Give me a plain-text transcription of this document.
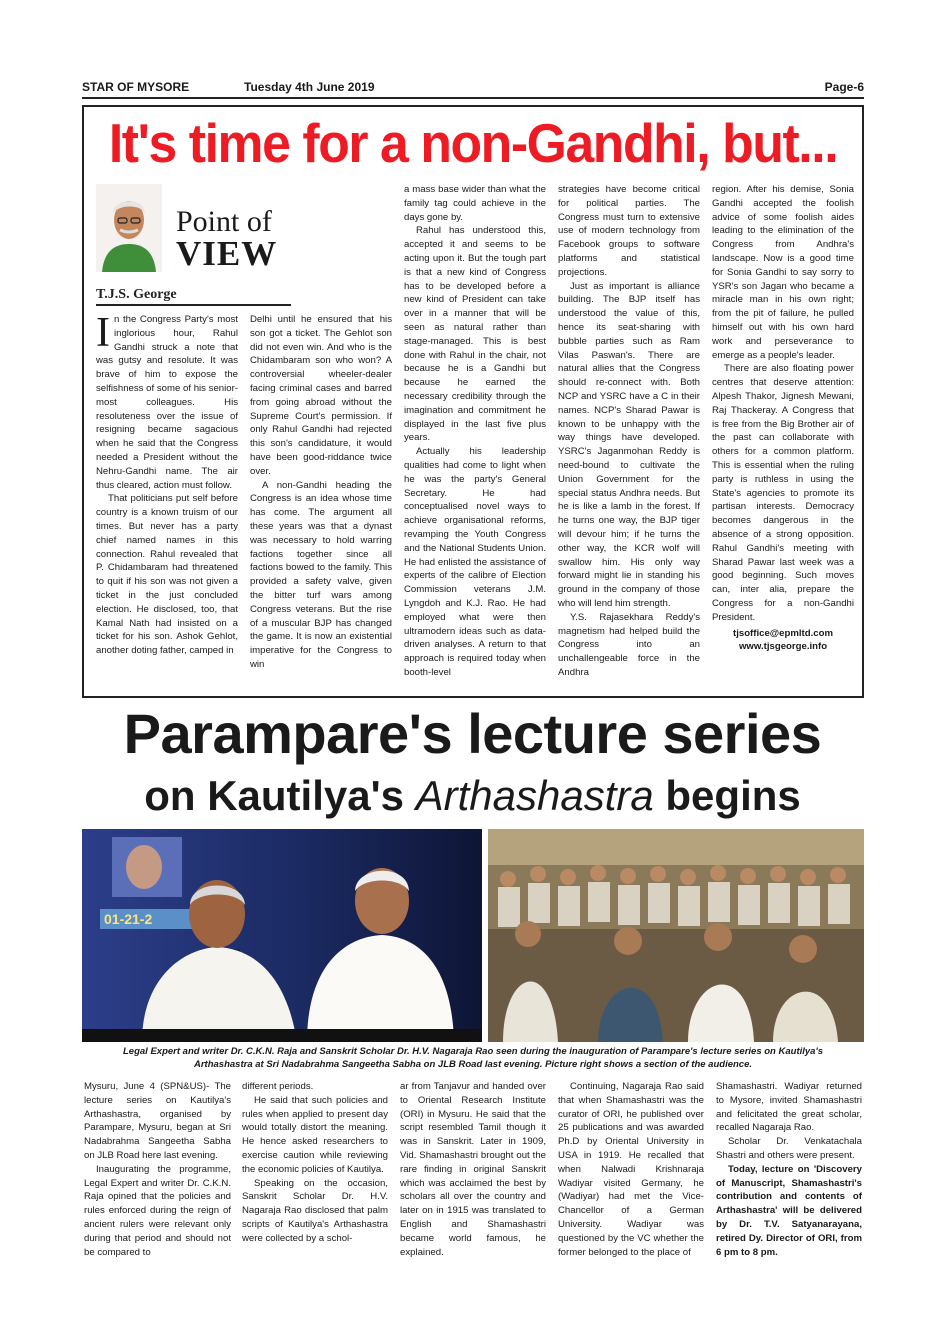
STAR OF MYSORE	Tuesday 4th June 2019	Page-6
It's time for a non-Gandhi, but...
Point of
VIEW
T.J.S. George

In the Congress Party's most inglorious hour, Rahul Gandhi struck a note that was gutsy and resolute. It was brave of him to expose the selfishness of some of his senior-most colleagues. His resoluteness over the issue of resigning became sagacious when he said that the Congress needed a President without the Nehru-Gandhi name. The air thus cleared, action must follow.

That politicians put self before country is a known truism of our times. But never has a party chief named names in this connection. Rahul revealed that P. Chidambaram had threatened to quit if his son was not given a ticket in the just concluded election. He disclosed, too, that Kamal Nath had insisted on a ticket for his son. Ashok Gehlot, another doting father, camped in

Delhi until he ensured that his son got a ticket. The Gehlot son did not even win. And who is the Chidambaram son who won? A controversial wheeler-dealer facing criminal cases and barred from going abroad without the Supreme Court's permission. If only Rahul Gandhi had rejected this son's candidature, it would have been good-riddance twice over.

A non-Gandhi heading the Congress is an idea whose time has come. The argument all these years was that a dynast was necessary to hold warring factions together since all factions bowed to the family. This provided a safety valve, given the bitter turf wars among Congress veterans. But the rise of a muscular BJP has changed the game. It is now an existential imperative for the Congress to win

a mass base wider than what the family tag could achieve in the days gone by.

Rahul has understood this, accepted it and seems to be acting upon it. But the tough part is that a new kind of Congress has to be developed before a new kind of President can take over in a manner that will be seen as natural rather than stage-managed. This is best done with Rahul in the chair, not because he is a Gandhi but because he earned the necessary credibility through the imagination and commitment he displayed in the last five plus years.

Actually his leadership qualities had come to light when he was the party's General Secretary. He had conceptualised novel ways to achieve organisational reforms, revamping the Youth Congress and the National Students Union. He had enlisted the assistance of experts of the calibre of Election Commission veterans J.M. Lyngdoh and K.J. Rao. He had employed what were then ultramodern ideas such as data-driven analyses. A return to that approach is required today when booth-level

strategies have become critical for political parties. The Congress must turn to extensive use of modern technology from Facebook groups to software platforms and statistical projections.

Just as important is alliance building. The BJP itself has understood the value of this, hence its seat-sharing with bubble parties such as Ram Vilas Paswan's. There are natural allies that the Congress should re-connect with. Both NCP and YSRC have a C in their names. NCP's Sharad Pawar is known to be unhappy with the way things have developed. YSRC's Jaganmohan Reddy is need-bound to cultivate the Union Government for the special status Andhra needs. But he is like a lamb in the forest. If he turns one way, the BJP tiger will devour him; if he turns the other way, the KCR wolf will swallow him. His only way forward might lie in standing his ground in the company of those who will lend him strength.

Y.S. Rajasekhara Reddy's magnetism had helped build the Congress into an unchallengeable force in the Andhra

region. After his demise, Sonia Gandhi accepted the foolish advice of some foolish aides leading to the elimination of the Congress from Andhra's landscape. Now is a good time for Sonia Gandhi to say sorry to YSR's son Jagan who became a miracle man in his own right; from the pit of failure, he pulled himself out with his own hard work and perseverance to emerge as a people's leader.

There are also floating power centres that deserve attention: Alpesh Thakor, Jignesh Mewani, Raj Thackeray. A Congress that is free from the Big Brother air of the past can collaborate with others for a common platform. This is essential when the ruling party is ruthless in using the State's agencies to promote its partisan interests. Democracy becomes dangerous in the absence of a strong opposition. Rahul Gandhi's meeting with Sharad Pawar last week was a good beginning. Such moves can, inter alia, prepare the Congress for a non-Gandhi President.

tjsoffice@epmltd.com
www.tjsgeorge.info
Parampare's lecture series
on Kautilya's Arthashastra begins
01-21-2
Legal Expert and writer Dr. C.K.N. Raja and Sanskrit Scholar Dr. H.V. Nagaraja Rao seen during the inauguration of Parampare's lecture series on Kautilya's
Arthashastra at Sri Nadabrahma Sangeetha Sabha on JLB Road last evening. Picture right shows a section of the audience.

Mysuru, June 4 (SPN&US)- The lecture series on Kautilya's Arthashastra, organised by Parampare, Mysuru, began at Sri Nadabrahma Sangeetha Sabha on JLB Road here last evening.

Inaugurating the programme, Legal Expert and writer Dr. C.K.N. Raja opined that the policies and rules enforced during the reign of ancient rulers were relevant only during that period and should not be compared to

different periods.

He said that such policies and rules when applied to present day would totally distort the meaning. He hence asked researchers to exercise caution while reviewing the economic policies of Kautilya.

Speaking on the occasion, Sanskrit Scholar Dr. H.V. Nagaraja Rao disclosed that palm scripts of Kautilya's Arthashastra were collected by a schol-

ar from Tanjavur and handed over to Oriental Research Institute (ORI) in Mysuru. He said that the script resembled Tamil though it was in Sanskrit. Later in 1909, Vid. Shamashastri brought out the rare finding in original Sanskrit which was acclaimed the best by scholars all over the country and later on in 1915 was translated to English and Shamashastri became world famous, he explained.

Continuing, Nagaraja Rao said that when Shamashastri was the curator of ORI, he published over 25 publications and was awarded Ph.D by Oriental University in USA in 1919. He recalled that when Nalwadi Krishnaraja Wadiyar visited Germany, he (Wadiyar) had met the Vice-Chancellor of a German University. Wadiyar was questioned by the VC whether the former belonged to the place of

Shamashastri. Wadiyar returned to Mysore, invited Shamashastri and felicitated the great scholar, recalled Nagaraja Rao.

Scholar Dr. Venkatachala Shastri and others were present.

Today, lecture on 'Discovery of Manuscript, Shamashastri's contribution and contents of Arthashastra' will be delivered by Dr. T.V. Satyanarayana, retired Dy. Director of ORI, from 6 pm to 8 pm.
